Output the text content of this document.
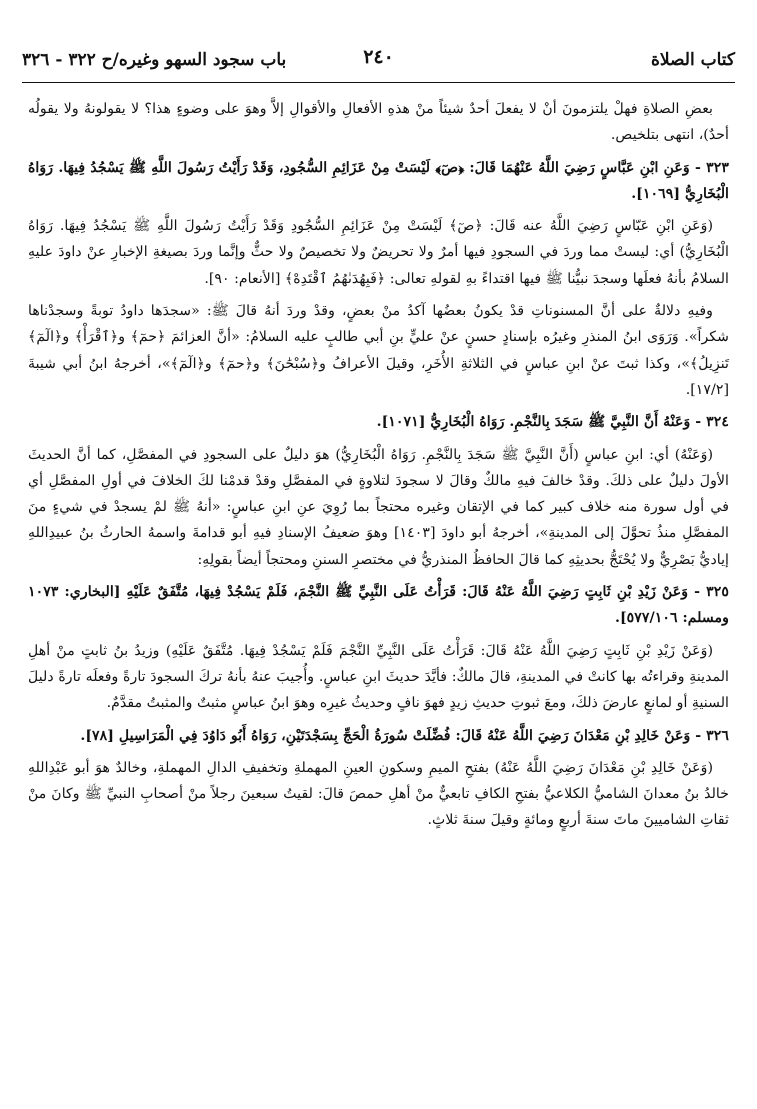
كتاب الصلاة
٢٤٠
باب سجود السهو وغيره/ح ٣٢٢ - ٣٢٦

بعضِ الصلاةِ فهلْ يلتزمونَ أنْ لا يفعلَ أحدٌ شيئاً منْ هذهِ الأفعالِ والأقوالِ إلاَّ وهوَ على وضوءٍ هذا؟ لا يقولونهُ ولا يقولُه أحدٌ)، انتهى بتلخيص.

٣٢٣ - وَعَنِ ابْنِ عَبَّاسٍ رَضِيَ اللَّهُ عَنْهُمَا قَالَ: ﴿صٓ﴾ لَيْسَتْ مِنْ عَزَائِمِ السُّجُودِ، وَقَدْ رَأَيْتُ رَسُولَ اللَّهِ ﷺ يَسْجُدُ فِيهَا. رَوَاهُ الْبُخَارِيُّ [١٠٦٩].

(وَعَنِ ابْنِ عَبّاسٍ رَضِيَ اللَّهُ عنه قَالَ: ﴿صٓ﴾ لَيْسَتْ مِنْ عَزَائِمِ السُّجُودِ وَقَدْ رَأَيْتُ رَسُولَ اللَّهِ ﷺ يَسْجُدُ فِيهَا. رَوَاهُ الْبُخَارِيُّ) أي: ليستْ مما وردَ في السجودِ فيها أمرٌ ولا تحريضٌ ولا تخصيصٌ ولا حثٌّ وإنَّما وردَ بصيغةِ الإخبارِ عنْ داودَ عليهِ السلامُ بأنهُ فعلَها وسجدَ نبيُّنا ﷺ فيها اقتداءً بهِ لقولهِ تعالى: ﴿فَبِهُدَىٰهُمُ ٱقْتَدِهْ﴾ [الأنعام: ٩٠].

وفيهِ دلالةٌ على أنَّ المسنوناتِ قدْ يكونُ بعضُها آكدُ منْ بعضٍ، وقدْ وردَ أنهُ قالَ ﷺ: «سجدَها داودُ توبةً وسجدْناها شكراً». وَرَوَى ابنُ المنذرِ وغيرُه بإسنادٍ حسنٍ عنْ عليٍّ بنِ أبي طالبٍ عليه السلامُ: «أنَّ العزائمَ ﴿حمٓ﴾ و﴿ٱقْرَأْ﴾ و﴿الٓمٓ﴾ تَنزِيلُ﴾»، وكذا ثبتَ عنْ ابنِ عباسٍ في الثلاثةِ الأُخَرِ، وقيلَ الأعرافُ و﴿سُبْحَٰنَ﴾ و﴿حمٓ﴾ و﴿الٓمٓ﴾»، أخرجهُ ابنُ أبي شيبةَ [١٧/٢].

٣٢٤ - وَعَنْهُ أَنَّ النَّبِيَّ ﷺ سَجَدَ بِالنَّجْمِ. رَوَاهُ الْبُخَارِيُّ [١٠٧١].

(وَعَنْهُ) أي: ابنِ عباسٍ (أَنَّ النَّبِيَّ ﷺ سَجَدَ بِالنَّجْمِ. رَوَاهُ الْبُخَارِيُّ) هوَ دليلٌ على السجودِ في المفصَّلِ، كما أنَّ الحديثَ الأولَ دليلٌ على ذلكَ. وقدْ خالفَ فيهِ مالكٌ وقالَ لا سجودَ لتلاوةٍ في المفصَّلِ وقدْ قدمْنا لكَ الخلافَ في أولِ المفصَّلِ أي في أول سورة منه خلاف كبير كما في الإتقان وغيره محتجاً بما رُوِيَ عنِ ابنِ عباسٍ: «أنهُ ﷺ لمْ يسجدْ في شيءٍ منَ المفصَّلِ منذُ تحوَّلَ إلى المدينةِ»، أخرجهُ أبو داودَ [١٤٠٣] وهوَ ضعيفُ الإسنادِ فيهِ أبو قدامةَ واسمهُ الحارثُ بنُ عبيدِاللهِ إياديُّ بَصْرِيٌّ ولا يُحْتَجُّ بحديثِهِ كما قالَ الحافظُ المنذريُّ في مختصرِ السننِ ومحتجاً أيضاً بقولِهِ:

٣٢٥ - وَعَنْ زَيْدِ بْنِ ثَابِتٍ رَضِيَ اللَّهُ عَنْهُ قَالَ: قَرَأْتُ عَلَى النَّبِيِّ ﷺ النَّجْمَ، فَلَمْ يَسْجُدْ فِيهَا، مُتَّفَقٌ عَلَيْهِ [البخاري: ١٠٧٣ ومسلم: ٥٧٧/١٠٦].

(وَعَنْ زَيْدِ بْنِ ثَابِتٍ رَضِيَ اللَّهُ عَنْهُ قَالَ: قَرَأْتُ عَلَى النَّبِيِّ النَّجْمَ فَلَمْ يَسْجُدْ فِيهَا. مُتَّفَقٌ عَلَيْهِ) وزيدُ بنُ ثابتٍ منْ أهلِ المدينةِ وقراءتُه بها كانتْ في المدينةِ، قالَ مالكٌ: فأيَّدَ حديثَ ابنِ عباسٍ. وأُجيبَ عنهُ بأنهُ تركَ السجودَ تارةً وفعلَه تارةً دليلَ السنيةِ أو لمانعٍ عارضَ ذلكَ، ومعَ ثبوتِ حديثِ زيدٍ فهوَ نافٍ وحديثُ غيرِه وهوَ ابنُ عباسٍ مثبتٌ والمثبتُ مقدَّمٌ.

٣٢٦ - وَعَنْ خَالِدِ بْنِ مَعْدَانَ رَضِيَ اللَّهُ عَنْهُ قَالَ: فُضِّلَتْ سُورَةُ الْحَجِّ بِسَجْدَتَيْنِ، رَوَاهُ أَبُو دَاوُدَ فِي الْمَرَاسِيلِ [٧٨].

(وَعَنْ خَالِدِ بْنِ مَعْدَانَ رَضِيَ اللَّهُ عَنْهُ) بفتحِ الميمِ وسكونِ العينِ المهملةِ وتخفيفِ الدالِ المهملةِ، وخالدٌ هوَ أبو عَبْدِاللهِ خالدُ بنُ معدانَ الشاميُّ الكلاعيُّ بفتحِ الكافِ تابعيٌّ منْ أهلِ حمصَ قالَ: لقيتُ سبعينَ رجلاً منْ أصحابِ النبيِّ ﷺ وكانَ منْ ثقاتِ الشاميينَ ماتَ سنةَ أربعٍ ومائةٍ وقيلَ سنةَ ثلاثٍ.
